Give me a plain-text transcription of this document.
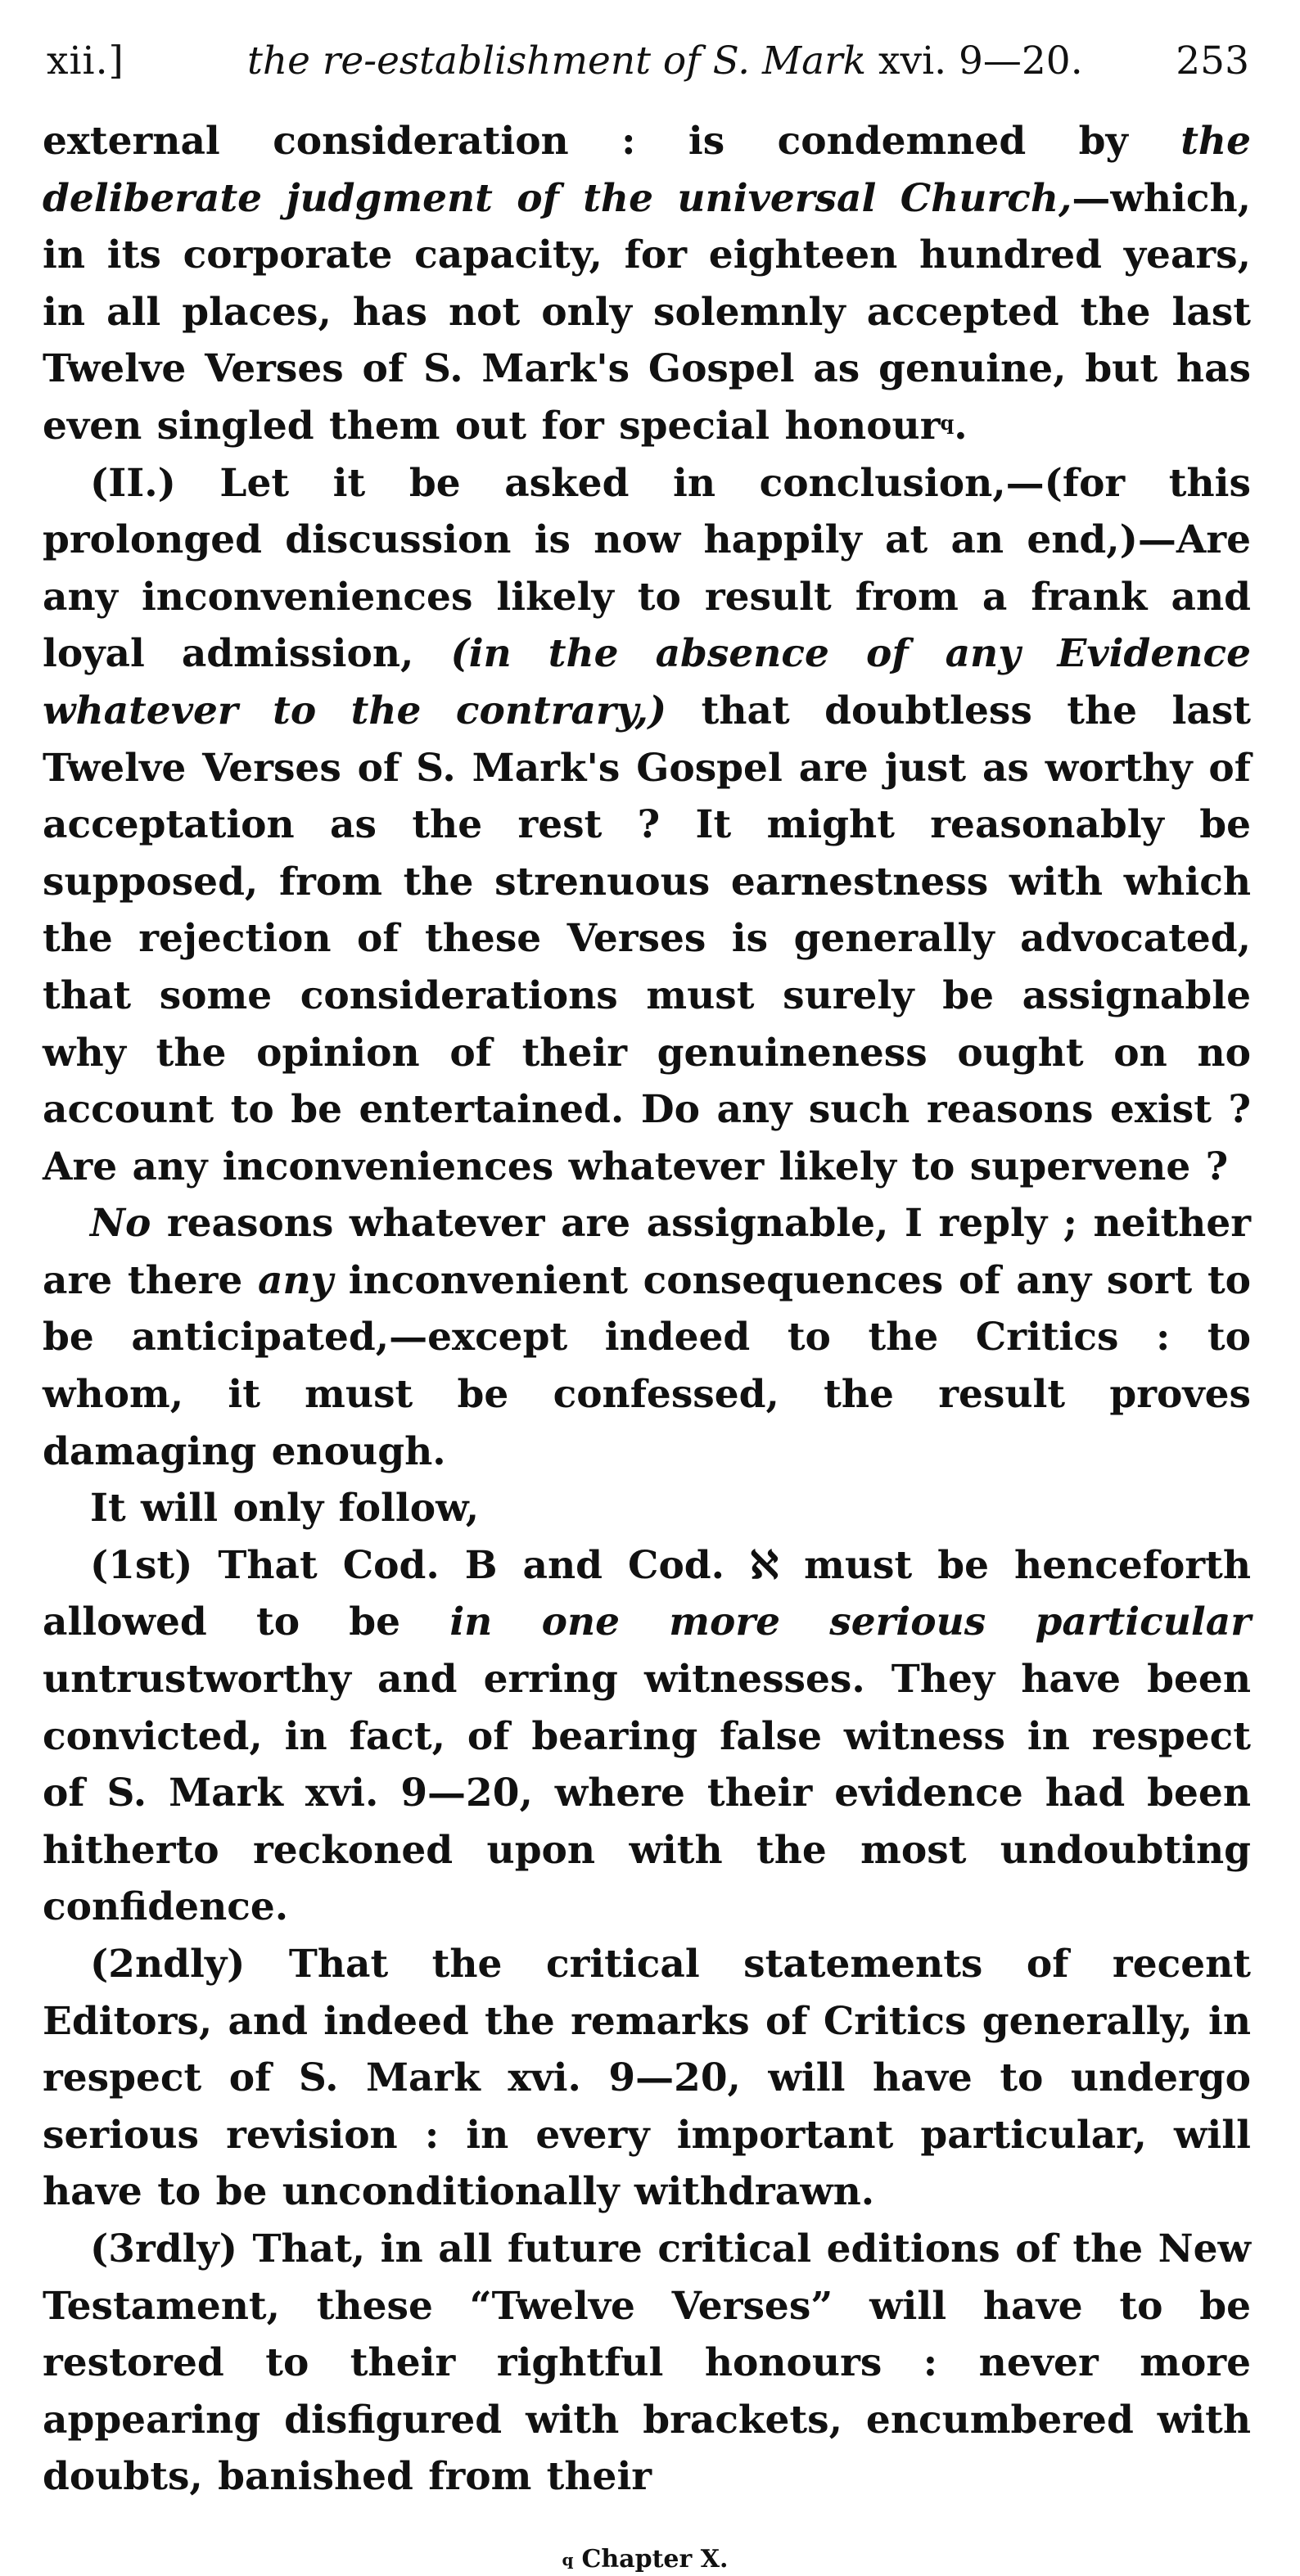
xii.]	the re-establishment of S. Mark xvi. 9—20. 253

external consideration : is condemned by the deliberate judgment of the universal Church,—which, in its corporate capacity, for eighteen hundred years, in all places, has not only solemnly accepted the last Twelve Verses of S. Mark's Gospel as genuine, but has even singled them out for special honour$^q$.

(II.) Let it be asked in conclusion,—(for this prolonged discussion is now happily at an end,)—Are any inconveniences likely to result from a frank and loyal admission, (in the absence of any Evidence whatever to the contrary,) that doubtless the last Twelve Verses of S. Mark's Gospel are just as worthy of acceptation as the rest ? It might reasonably be supposed, from the strenuous earnestness with which the rejection of these Verses is generally advocated, that some considerations must surely be assignable why the opinion of their genuineness ought on no account to be entertained. Do any such reasons exist ? Are any inconveniences whatever likely to supervene ?

No reasons whatever are assignable, I reply ; neither are there any inconvenient consequences of any sort to be anticipated,—except indeed to the Critics : to whom, it must be confessed, the result proves damaging enough.

It will only follow,

(1st) That Cod. B and Cod. ℵ must be henceforth allowed to be in one more serious particular untrustworthy and erring witnesses. They have been convicted, in fact, of bearing false witness in respect of S. Mark xvi. 9—20, where their evidence had been hitherto reckoned upon with the most undoubting confidence.

(2ndly) That the critical statements of recent Editors, and indeed the remarks of Critics generally, in respect of S. Mark xvi. 9—20, will have to undergo serious revision : in every important particular, will have to be unconditionally withdrawn.

(3rdly) That, in all future critical editions of the New Testament, these “Twelve Verses” will have to be restored to their rightful honours : never more appearing disfigured with brackets, encumbered with doubts, banished from their

$^q$ Chapter X.
